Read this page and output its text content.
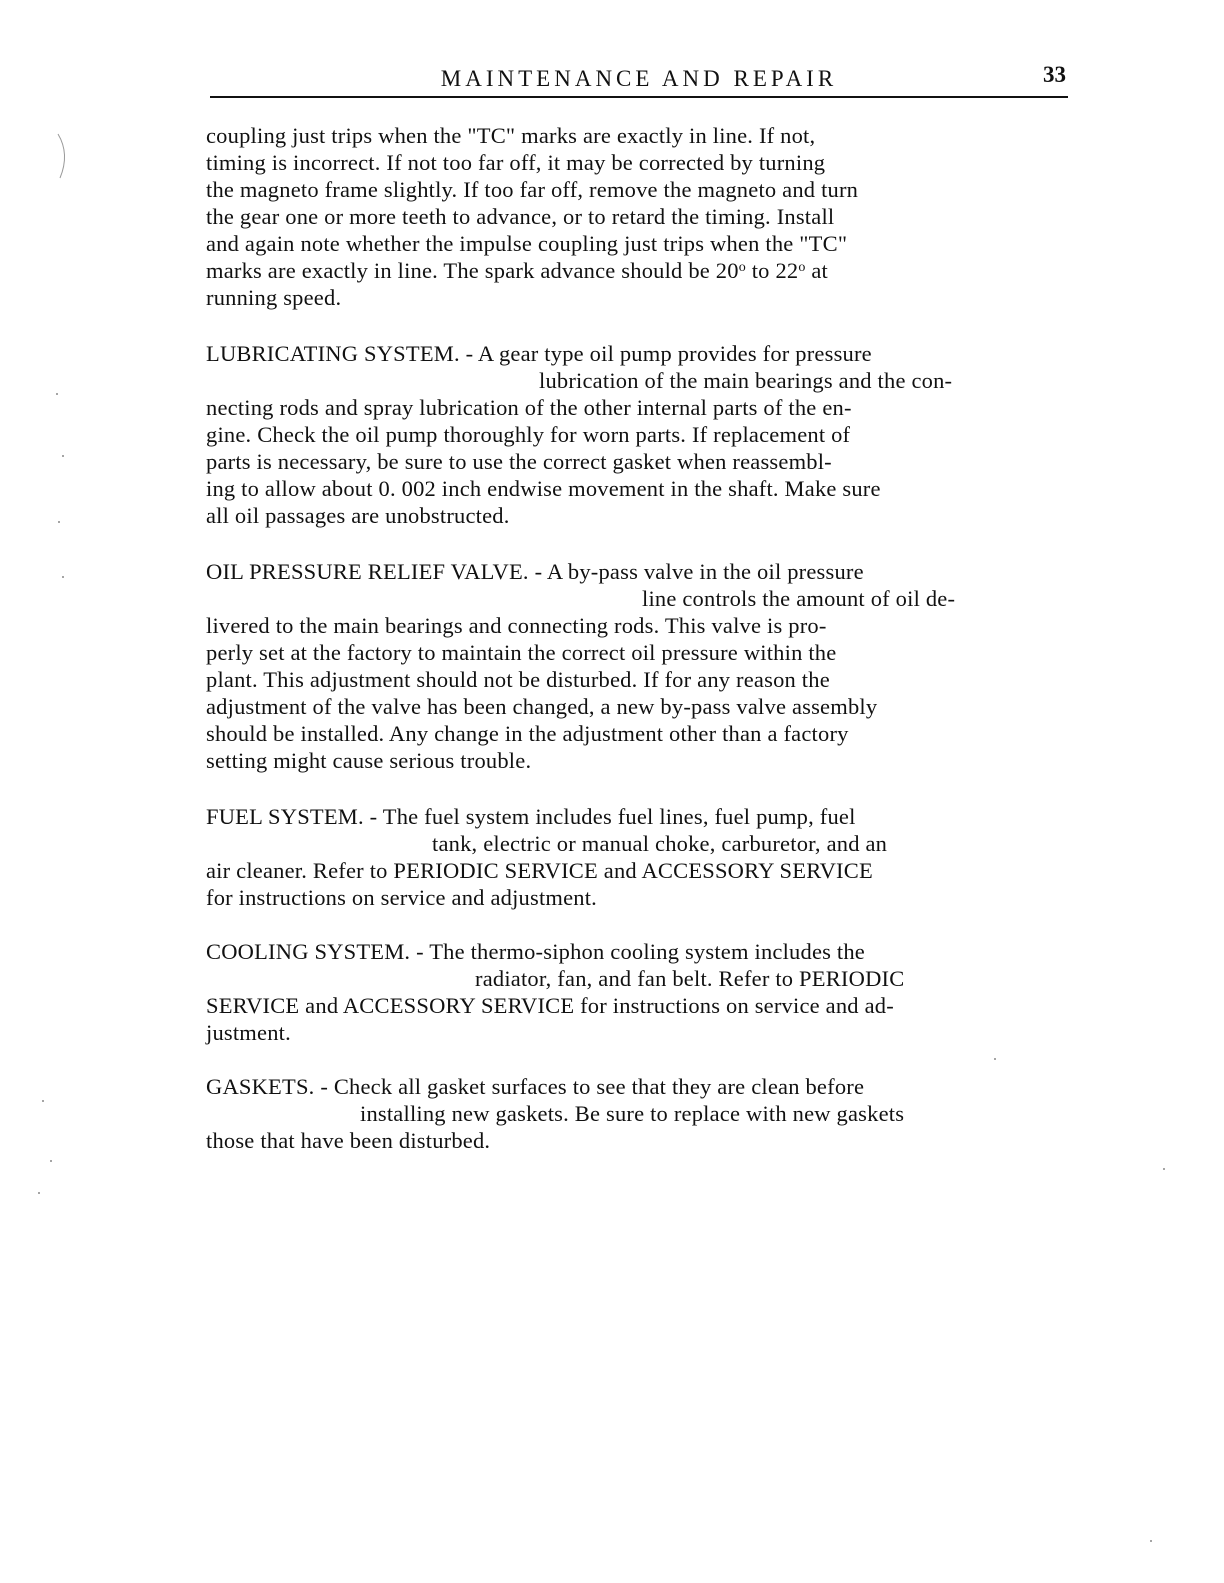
MAINTENANCE AND REPAIR	33
coupling just trips when the "TC" marks are exactly in line. If not,
timing is incorrect. If not too far off, it may be corrected by turning
the magneto frame slightly. If too far off, remove the magneto and turn
the gear one or more teeth to advance, or to retard the timing. Install
and again note whether the impulse coupling just trips when the "TC"
marks are exactly in line. The spark advance should be 20$^o$ to 22$^o$ at
running speed.
LUBRICATING SYSTEM. - A gear type oil pump provides for pressure
lubrication of the main bearings and the con-
necting rods and spray lubrication of the other internal parts of the en-
gine. Check the oil pump thoroughly for worn parts. If replacement of
parts is necessary, be sure to use the correct gasket when reassembl-
ing to allow about 0. 002 inch endwise movement in the shaft. Make sure
all oil passages are unobstructed.
OIL PRESSURE RELIEF VALVE. - A by-pass valve in the oil pressure
line controls the amount of oil de-
livered to the main bearings and connecting rods. This valve is pro-
perly set at the factory to maintain the correct oil pressure within the
plant. This adjustment should not be disturbed. If for any reason the
adjustment of the valve has been changed, a new by-pass valve assembly
should be installed. Any change in the adjustment other than a factory
setting might cause serious trouble.
FUEL SYSTEM. - The fuel system includes fuel lines, fuel pump, fuel
tank, electric or manual choke, carburetor, and an
air cleaner. Refer to PERIODIC SERVICE and ACCESSORY SERVICE
for instructions on service and adjustment.
COOLING SYSTEM. - The thermo-siphon cooling system includes the
radiator, fan, and fan belt. Refer to PERIODIC
SERVICE and ACCESSORY SERVICE for instructions on service and ad-
justment.
GASKETS. - Check all gasket surfaces to see that they are clean before
installing new gaskets. Be sure to replace with new gaskets
those that have been disturbed.
